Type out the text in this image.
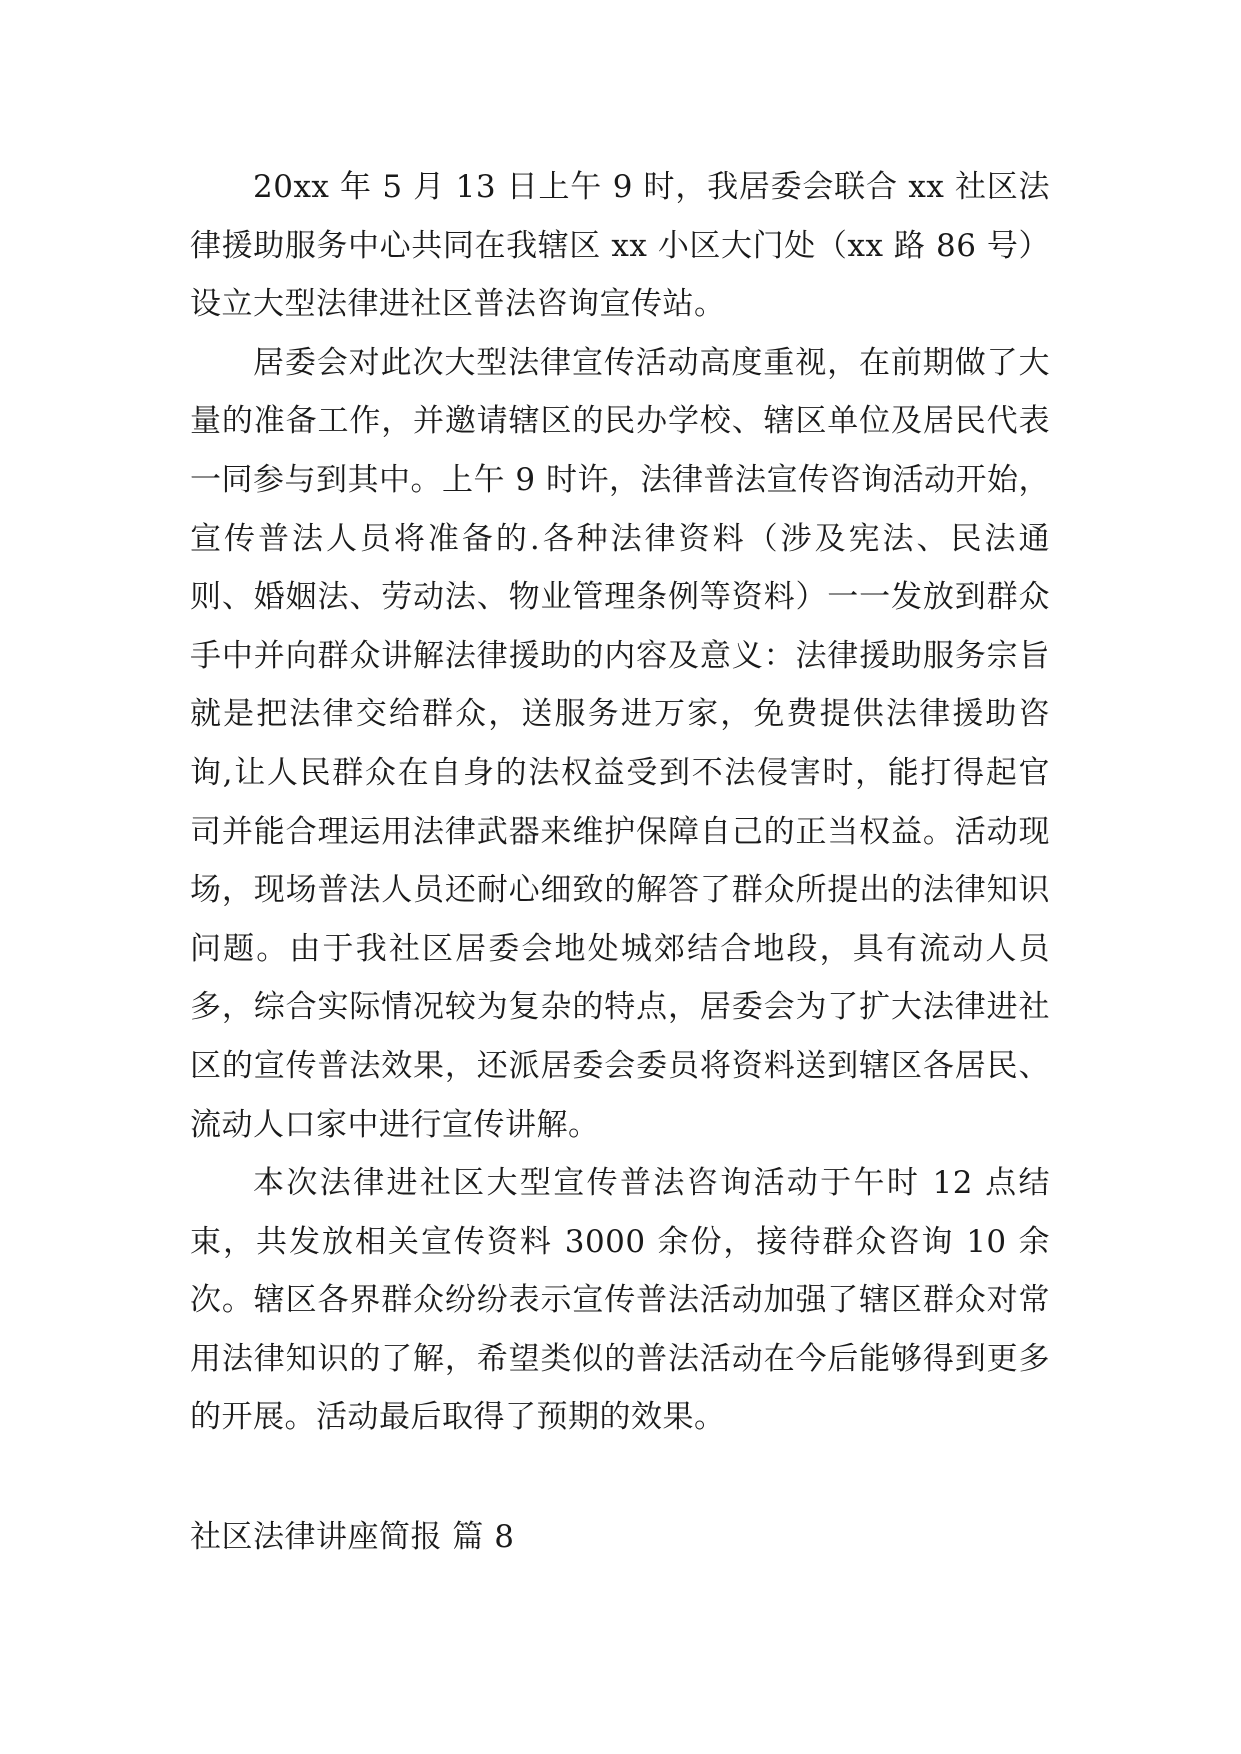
20xx 年 5 月 13 日上午 9 时，我居委会联合 xx 社区法律援助服务中心共同在我辖区 xx 小区大门处（xx 路 86 号）设立大型法律进社区普法咨询宣传站。

居委会对此次大型法律宣传活动高度重视，在前期做了大量的准备工作，并邀请辖区的民办学校、辖区单位及居民代表一同参与到其中。上午 9 时许，法律普法宣传咨询活动开始，宣传普法人员将准备的.各种法律资料（涉及宪法、民法通则、婚姻法、劳动法、物业管理条例等资料）一一发放到群众手中并向群众讲解法律援助的内容及意义：法律援助服务宗旨就是把法律交给群众，送服务进万家，免费提供法律援助咨询,让人民群众在自身的法权益受到不法侵害时，能打得起官司并能合理运用法律武器来维护保障自己的正当权益。活动现场，现场普法人员还耐心细致的解答了群众所提出的法律知识问题。由于我社区居委会地处城郊结合地段，具有流动人员多，综合实际情况较为复杂的特点，居委会为了扩大法律进社区的宣传普法效果，还派居委会委员将资料送到辖区各居民、流动人口家中进行宣传讲解。

本次法律进社区大型宣传普法咨询活动于午时 12 点结束，共发放相关宣传资料 3000 余份，接待群众咨询 10 余次。辖区各界群众纷纷表示宣传普法活动加强了辖区群众对常用法律知识的了解，希望类似的普法活动在今后能够得到更多的开展。活动最后取得了预期的效果。

社区法律讲座简报 篇 8
